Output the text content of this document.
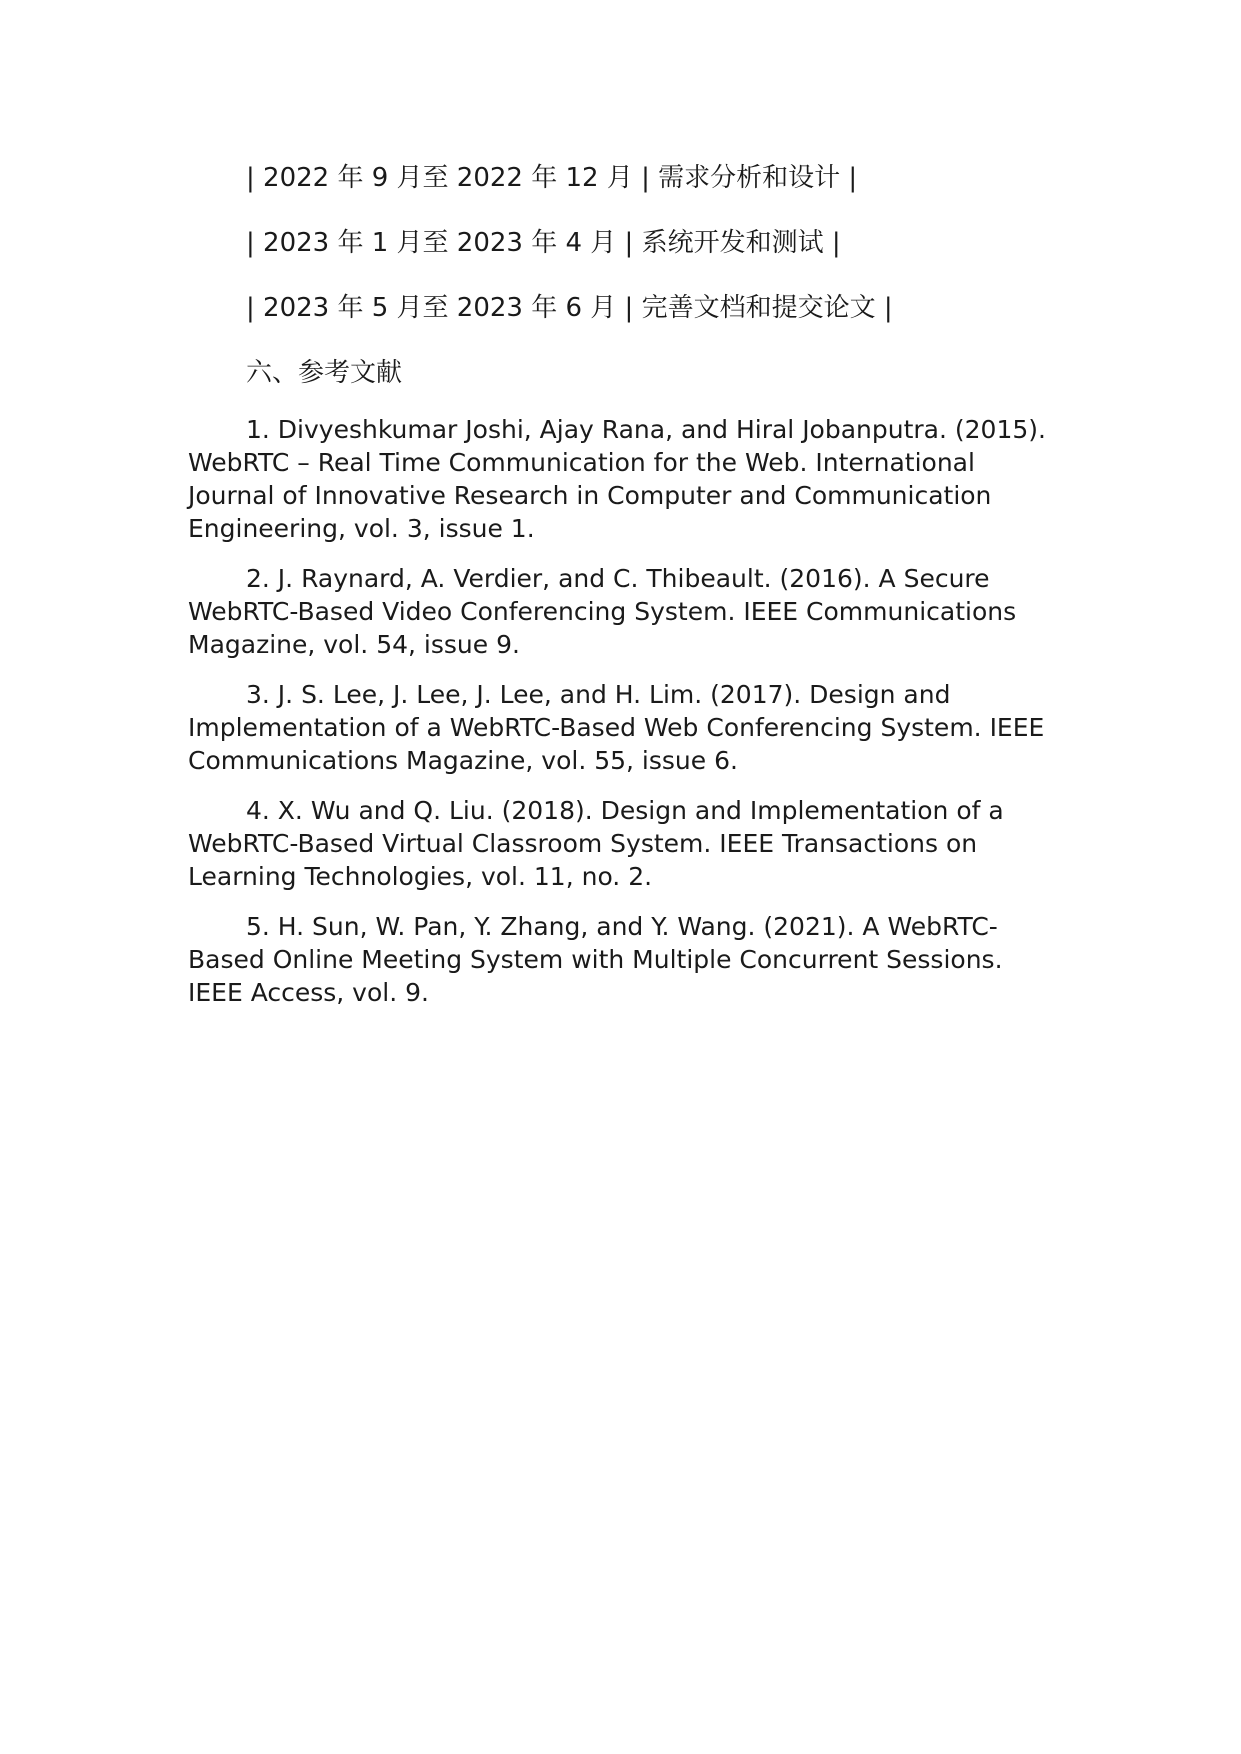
| 2022 年 9 月至 2022 年 12 月 | 需求分析和设计 |

| 2023 年 1 月至 2023 年 4 月 | 系统开发和测试 |

| 2023 年 5 月至 2023 年 6 月 | 完善文档和提交论文 |

六、参考文献

1. Divyeshkumar Joshi, Ajay Rana, and Hiral Jobanputra. (2015). WebRTC – Real Time Communication for the Web. International Journal of Innovative Research in Computer and Communication Engineering, vol. 3, issue 1.

2. J. Raynard, A. Verdier, and C. Thibeault. (2016). A Secure WebRTC-Based Video Conferencing System. IEEE Communications Magazine, vol. 54, issue 9.

3. J. S. Lee, J. Lee, J. Lee, and H. Lim. (2017). Design and Implementation of a WebRTC-Based Web Conferencing System. IEEE Communications Magazine, vol. 55, issue 6.

4. X. Wu and Q. Liu. (2018). Design and Implementation of a WebRTC-Based Virtual Classroom System. IEEE Transactions on Learning Technologies, vol. 11, no. 2.

5. H. Sun, W. Pan, Y. Zhang, and Y. Wang. (2021). A WebRTC-Based Online Meeting System with Multiple Concurrent Sessions. IEEE Access, vol. 9.
